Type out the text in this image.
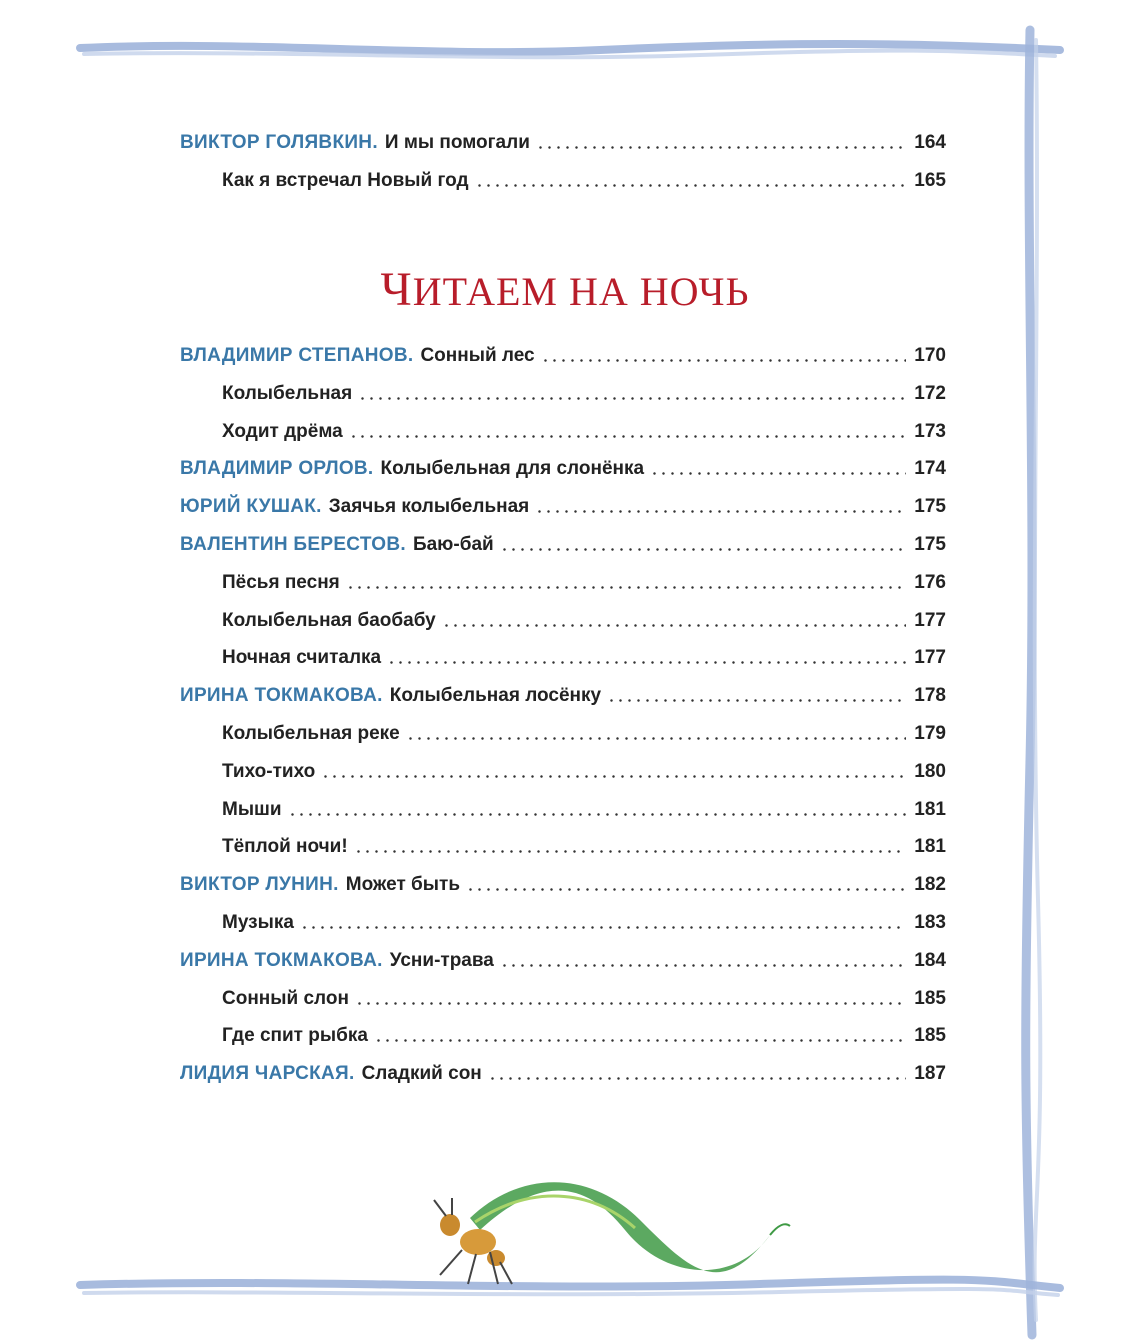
ВИКТОР ГОЛЯВКИН. И мы помогали	164
Как я встречал Новый год	165
ЧИТАЕМ НА НОЧЬ
ВЛАДИМИР СТЕПАНОВ. Сонный лес	170
Колыбельная	172
Ходит дрёма	173
ВЛАДИМИР ОРЛОВ. Колыбельная для слонёнка	174
ЮРИЙ КУШАК. Заячья колыбельная	175
ВАЛЕНТИН БЕРЕСТОВ. Баю-бай	175
Пёсья песня	176
Колыбельная баобабу	177
Ночная считалка	177
ИРИНА ТОКМАКОВА. Колыбельная лосёнку	178
Колыбельная реке	179
Тихо-тихо	180
Мыши	181
Тёплой ночи!	181
ВИКТОР ЛУНИН. Может быть	182
Музыка	183
ИРИНА ТОКМАКОВА. Усни-трава	184
Сонный слон	185
Где спит рыбка	185
ЛИДИЯ ЧАРСКАЯ. Сладкий сон	187
